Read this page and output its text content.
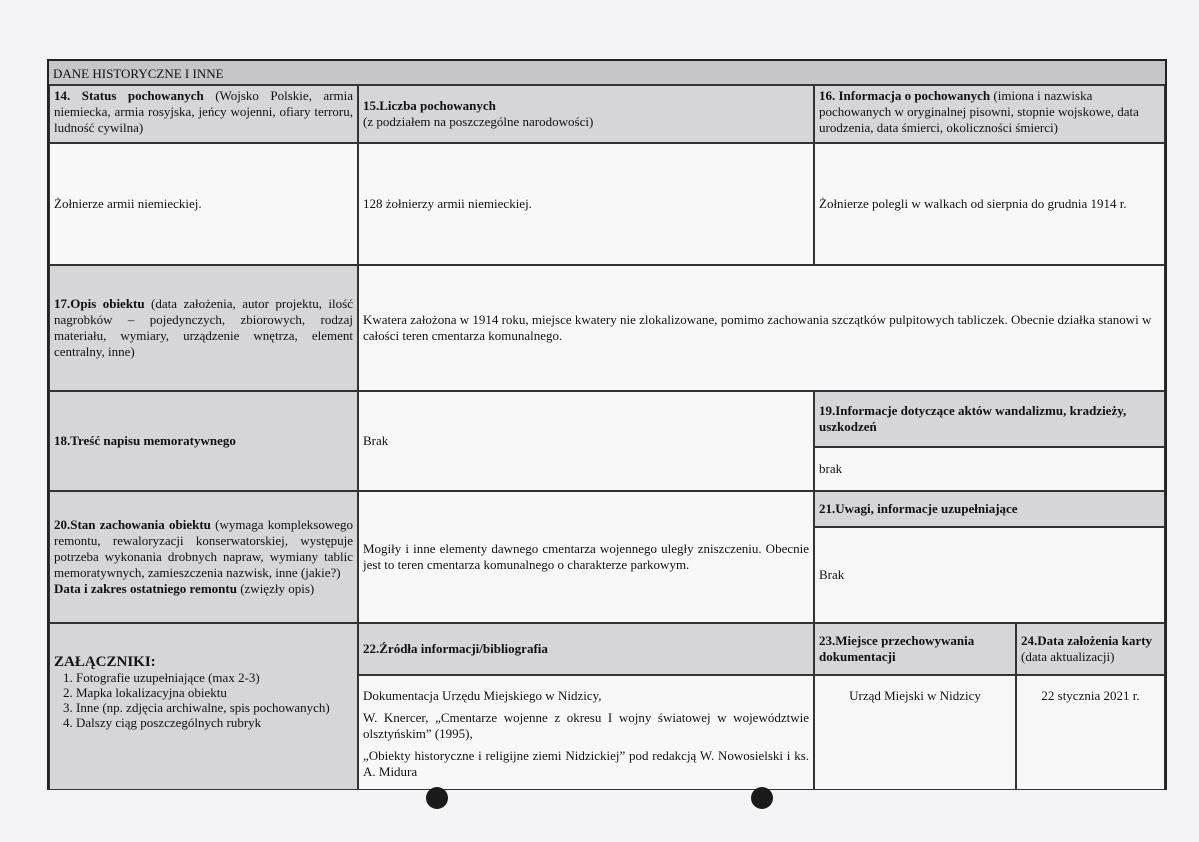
DANE HISTORYCZNE I INNE
14. Status pochowanych (Wojsko Polskie, armia niemiecka, armia rosyjska, jeńcy wojenni, ofiary terroru, ludność cywilna)
Żołnierze armii niemieckiej.
15.Liczba pochowanych
(z podziałem na poszczególne narodowości)
128 żołnierzy armii niemieckiej.
16. Informacja o pochowanych (imiona i nazwiska pochowanych w oryginalnej pisowni, stopnie wojskowe, data urodzenia, data śmierci, okoliczności śmierci)
Żołnierze polegli w walkach od sierpnia do grudnia 1914 r.
17.Opis obiektu (data założenia, autor projektu, ilość nagrobków – pojedynczych, zbiorowych, rodzaj materiału, wymiary, urządzenie wnętrza, element centralny, inne)
Kwatera założona w 1914 roku, miejsce kwatery nie zlokalizowane, pomimo zachowania szczątków pulpitowych tabliczek. Obecnie działka stanowi w całości teren cmentarza komunalnego.
18.Treść napisu memoratywnego	Brak
19.Informacje dotyczące aktów wandalizmu, kradzieży, uszkodzeń
brak
20.Stan zachowania obiektu (wymaga kompleksowego remontu, rewaloryzacji konserwatorskiej, występuje potrzeba wykonania drobnych napraw, wymiany tablic memoratywnych, zamieszczenia nazwisk, inne (jakie?)
Data i zakres ostatniego remontu (zwięzły opis)
Mogiły i inne elementy dawnego cmentarza wojennego uległy zniszczeniu. Obecnie jest to teren cmentarza komunalnego o charakterze parkowym.
21.Uwagi, informacje uzupełniające
Brak
ZAŁĄCZNIKI:
1. Fotografie uzupełniające (max 2-3)
2. Mapka lokalizacyjna obiektu
3. Inne (np. zdjęcia archiwalne, spis pochowanych)
4. Dalszy ciąg poszczególnych rubryk
22.Źródła informacji/bibliografia
Dokumentacja Urzędu Miejskiego w Nidzicy,
W. Knercer, „Cmentarze wojenne z okresu I wojny światowej w województwie olsztyńskim” (1995),
„Obiekty historyczne i religijne ziemi Nidzickiej” pod redakcją W. Nowosielski i ks. A. Midura
23.Miejsce przechowywania dokumentacji
Urząd Miejski w Nidzicy
24.Data założenia karty (data aktualizacji)
22 stycznia 2021 r.
